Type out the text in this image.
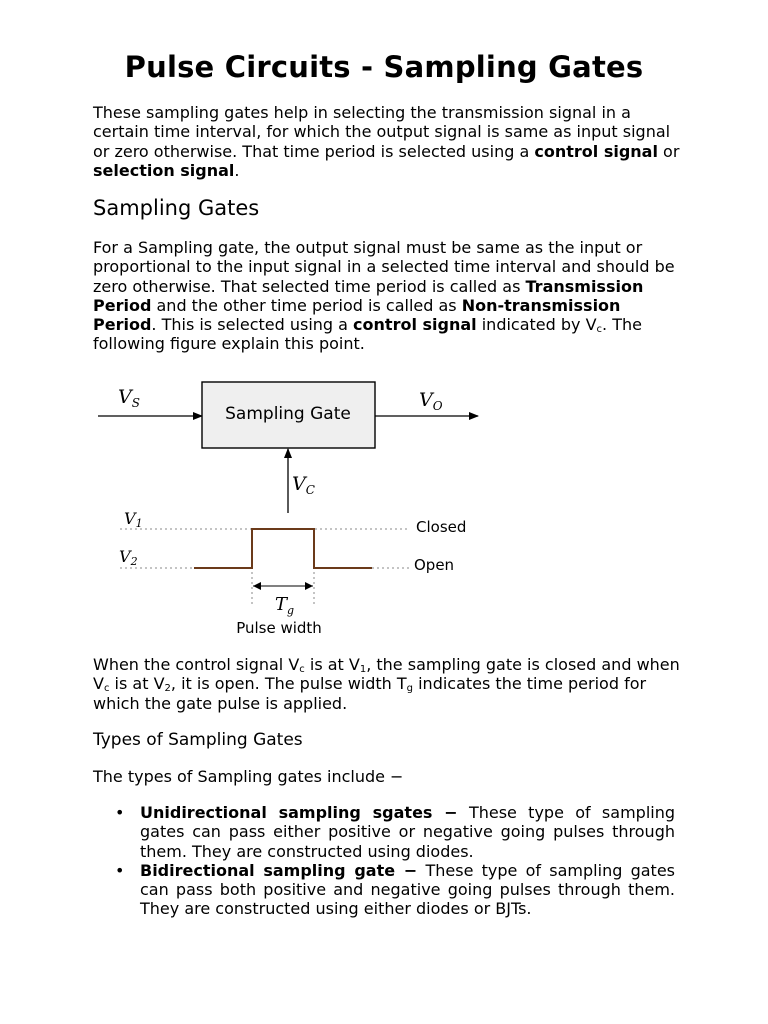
Pulse Circuits - Sampling Gates

These sampling gates help in selecting the transmission signal in a certain time interval, for which the output signal is same as input signal or zero otherwise. That time period is selected using a control signal or selection signal.

Sampling Gates

For a Sampling gate, the output signal must be same as the input or proportional to the input signal in a selected time interval and should be zero otherwise. That selected time period is called as Transmission Period and the other time period is called as Non-transmission Period. This is selected using a control signal indicated by $V_c$. The following figure explain this point.

$V_S$
Sampling Gate
$V_O$
$V_C$
V1
V2
Closed
Open
$T_g$
Pulse width

When the control signal $V_c$ is at $V_1$, the sampling gate is closed and when $V_c$ is at $V_2$, it is open. The pulse width $T_g$ indicates the time period for which the gate pulse is applied.

Types of Sampling Gates

The types of Sampling gates include −

• Unidirectional sampling sgates − These type of sampling gates can pass either positive or negative going pulses through them. They are constructed using diodes.
• Bidirectional sampling gate − These type of sampling gates can pass both positive and negative going pulses through them. They are constructed using either diodes or BJTs.
